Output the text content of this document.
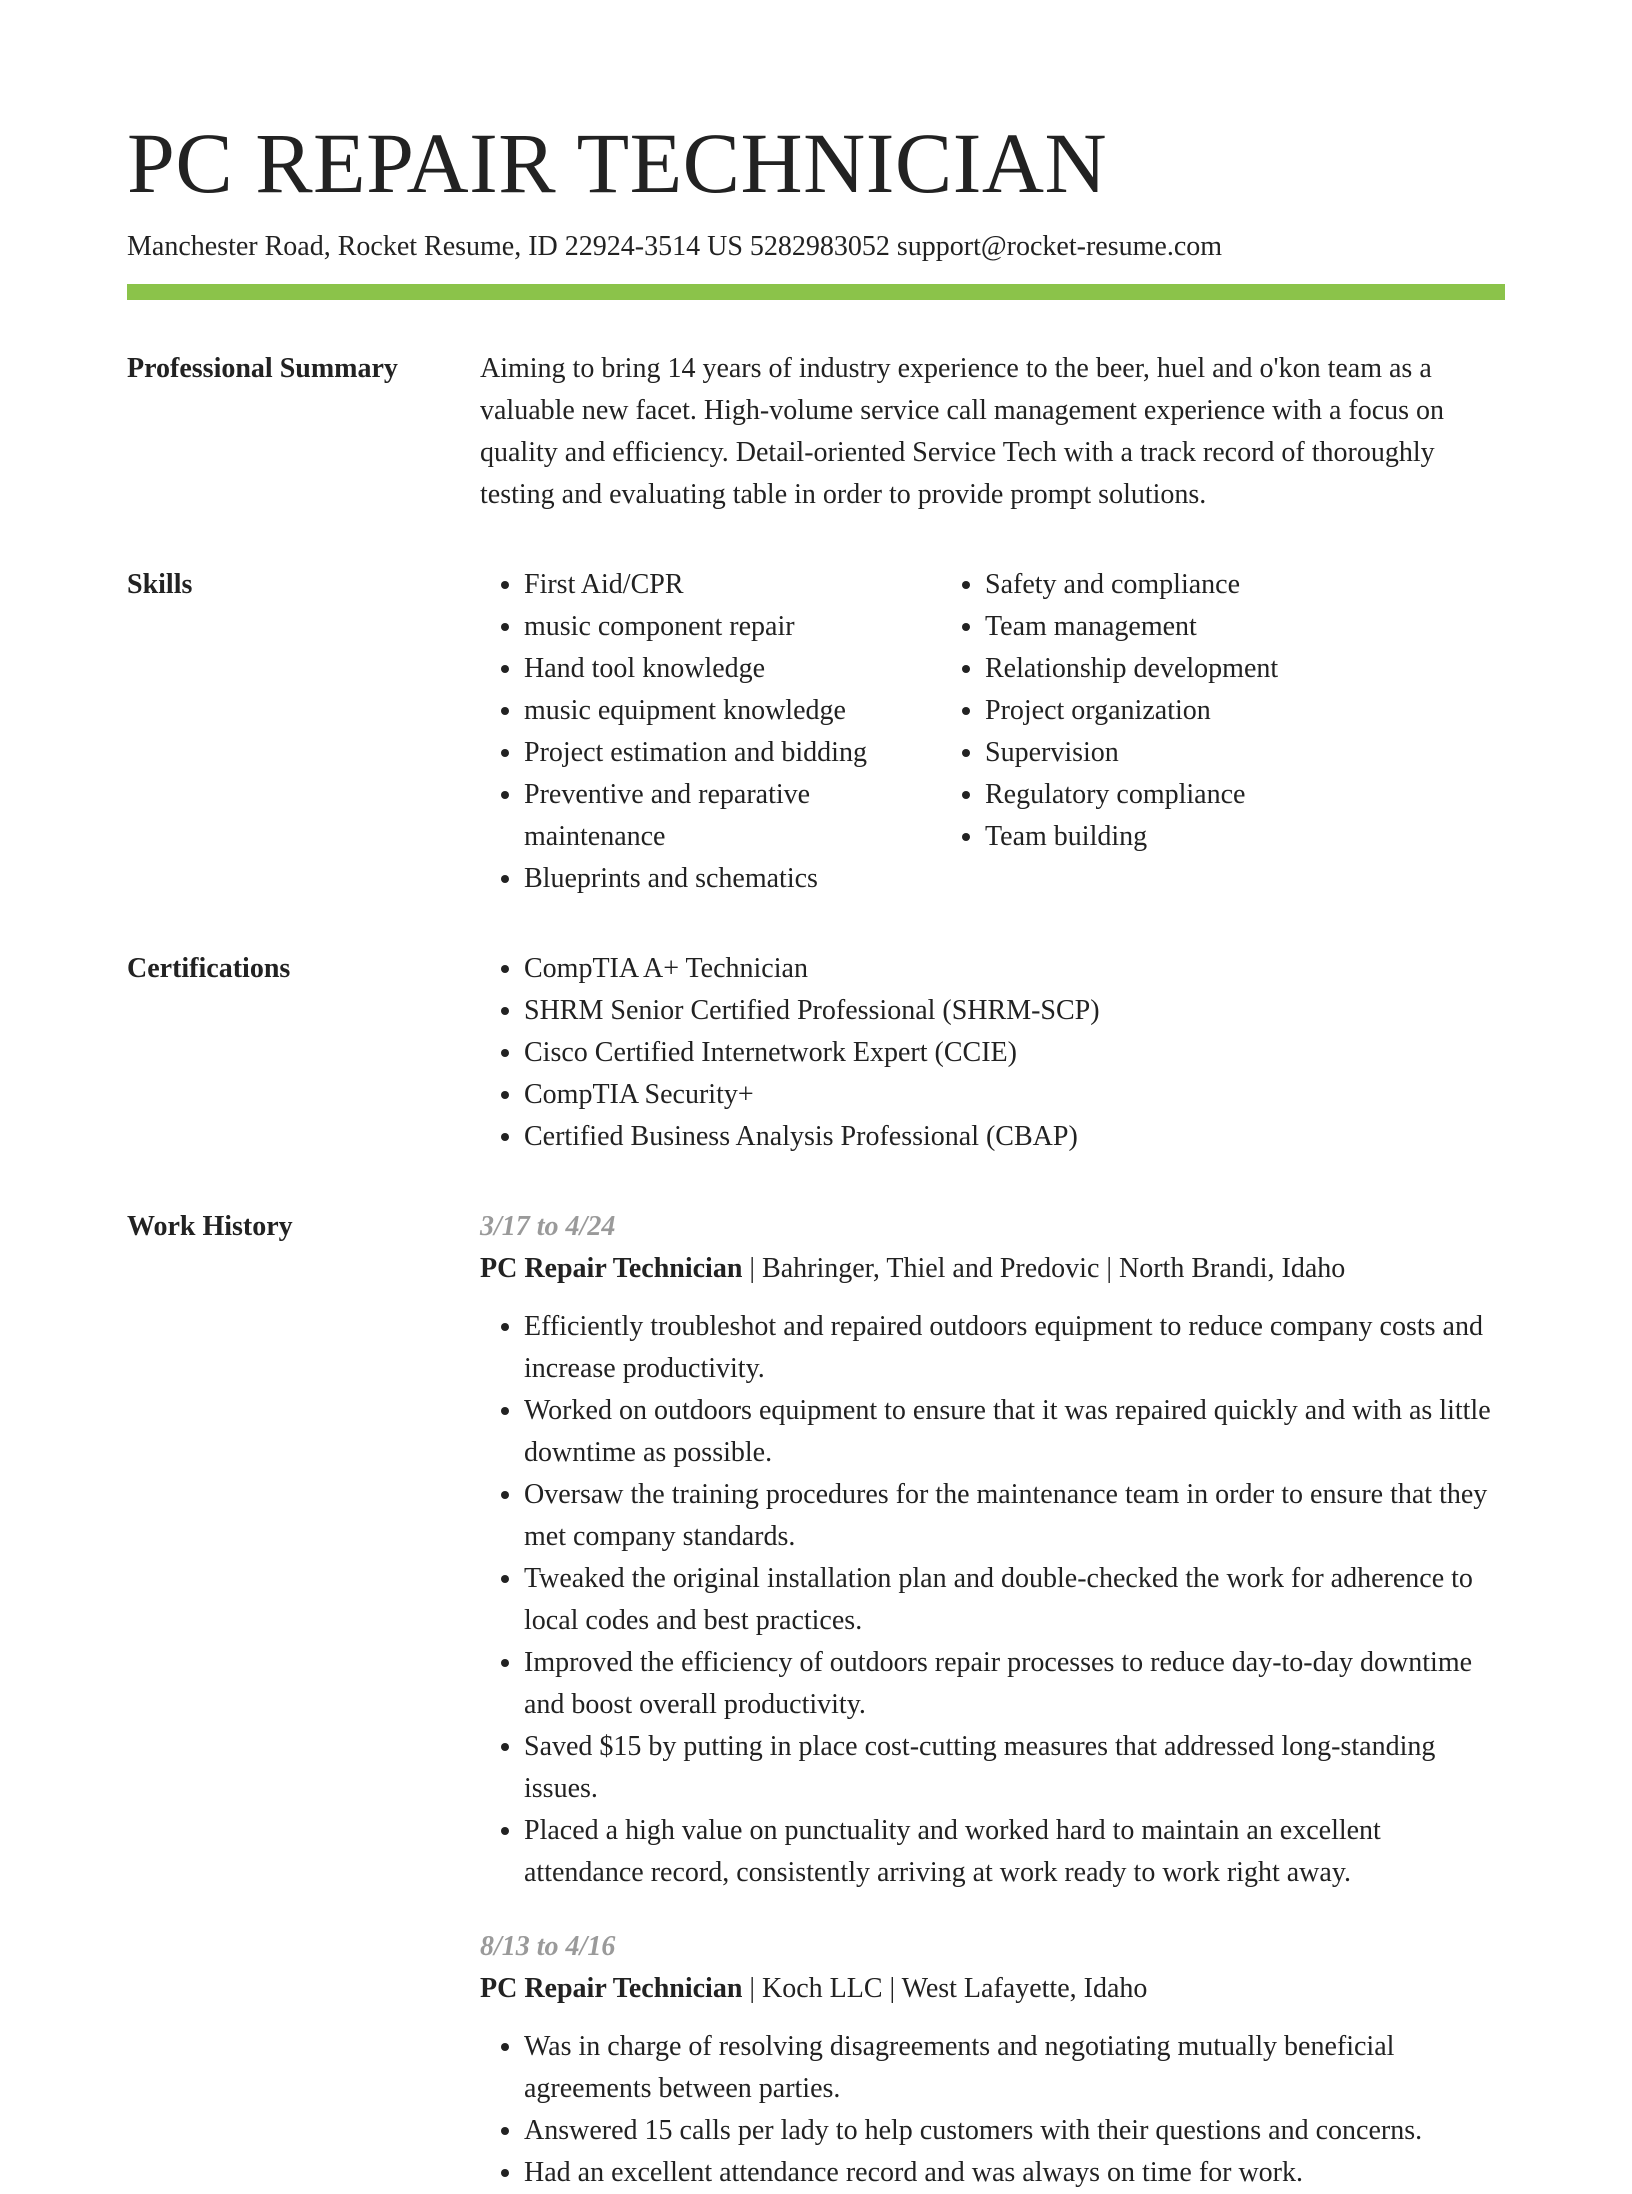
PC REPAIR TECHNICIAN
Manchester Road, Rocket Resume, ID 22924-3514 US 5282983052 support@rocket-resume.com
Professional Summary	Aiming to bring 14 years of industry experience to the beer, huel and o'kon team as a valuable new facet. High-volume service call management experience with a focus on quality and efficiency. Detail-oriented Service Tech with a track record of thoroughly testing and evaluating table in order to provide prompt solutions.

Skills	• First Aid/CPR
• music component repair
• Hand tool knowledge
• music equipment knowledge
• Project estimation and bidding
• Preventive and reparative maintenance
• Blueprints and schematics
• Safety and compliance
• Team management
• Relationship development
• Project organization
• Supervision
• Regulatory compliance
• Team building
Certifications	• CompTIA A+ Technician
• SHRM Senior Certified Professional (SHRM-SCP)
• Cisco Certified Internetwork Expert (CCIE)
• CompTIA Security+
• Certified Business Analysis Professional (CBAP)
Work History	3/17 to 4/24
PC Repair Technician | Bahringer, Thiel and Predovic | North Brandi, Idaho
• Efficiently troubleshot and repaired outdoors equipment to reduce company costs and increase productivity.
• Worked on outdoors equipment to ensure that it was repaired quickly and with as little downtime as possible.
• Oversaw the training procedures for the maintenance team in order to ensure that they met company standards.
• Tweaked the original installation plan and double-checked the work for adherence to local codes and best practices.
• Improved the efficiency of outdoors repair processes to reduce day-to-day downtime and boost overall productivity.
• Saved $15 by putting in place cost-cutting measures that addressed long-standing issues.
• Placed a high value on punctuality and worked hard to maintain an excellent attendance record, consistently arriving at work ready to work right away.
8/13 to 4/16
PC Repair Technician | Koch LLC | West Lafayette, Idaho
• Was in charge of resolving disagreements and negotiating mutually beneficial agreements between parties.
• Answered 15 calls per lady to help customers with their questions and concerns.
• Had an excellent attendance record and was always on time for work.
